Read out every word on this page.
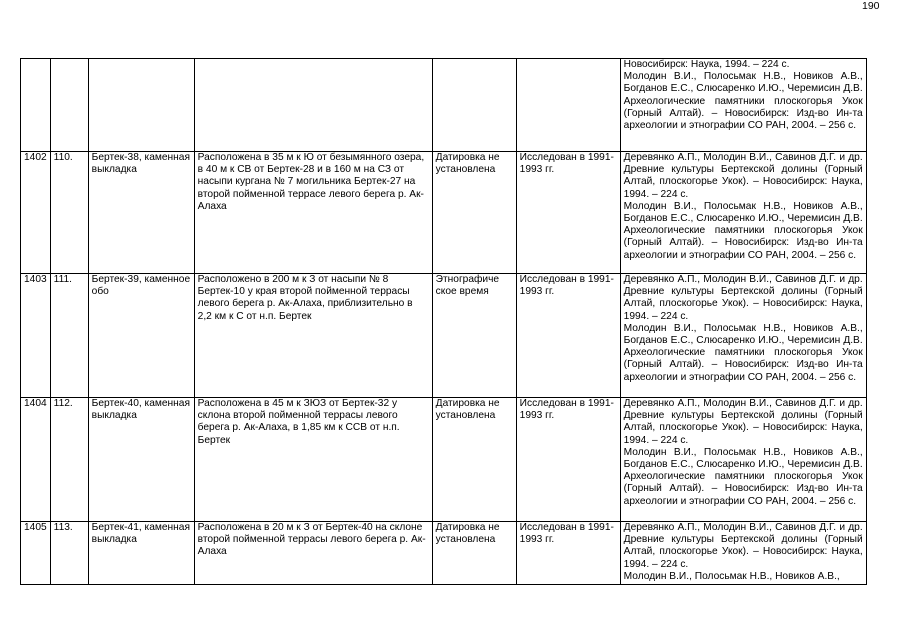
190

						Новосибирск: Наука, 1994. – 224 с.
Молодин В.И., Полосьмак Н.В., Новиков А.В., Богданов Е.С., Слюсаренко И.Ю., Черемисин Д.В. Археологические памятники плоскогорья Укок (Горный Алтай). – Новосибирск: Изд-во Ин-та археологии и этнографии СО РАН, 2004. – 256 с.

1402	110.	Бертек-38, каменная выкладка	Расположена в 35 м к Ю от безымянного озера, в 40 м к СВ от Бертек-28 и в 160 м на СЗ от насыпи кургана № 7 могильника Бертек-27 на второй пойменной террасе левого берега р. Ак-Алаха	Датировка не установлена	Исследован в 1991-1993 гг.	Деревянко А.П., Молодин В.И., Савинов Д.Г. и др. Древние культуры Бертекской долины (Горный Алтай, плоскогорье Укок). – Новосибирск: Наука, 1994. – 224 с.
Молодин В.И., Полосьмак Н.В., Новиков А.В., Богданов Е.С., Слюсаренко И.Ю., Черемисин Д.В. Археологические памятники плоскогорья Укок (Горный Алтай). – Новосибирск: Изд-во Ин-та археологии и этнографии СО РАН, 2004. – 256 с.

1403	111.	Бертек-39, каменное обо	Расположено в 200 м к З от насыпи № 8 Бертек-10 у края второй пойменной террасы левого берега р. Ак-Алаха, приблизительно в 2,2 км к С от н.п. Бертек	Этнографиче ское время	Исследован в 1991-1993 гг.	Деревянко А.П., Молодин В.И., Савинов Д.Г. и др. Древние культуры Бертекской долины (Горный Алтай, плоскогорье Укок). – Новосибирск: Наука, 1994. – 224 с.
Молодин В.И., Полосьмак Н.В., Новиков А.В., Богданов Е.С., Слюсаренко И.Ю., Черемисин Д.В. Археологические памятники плоскогорья Укок (Горный Алтай). – Новосибирск: Изд-во Ин-та археологии и этнографии СО РАН, 2004. – 256 с.

1404	112.	Бертек-40, каменная выкладка	Расположена в 45 м к ЗЮЗ от Бертек-32 у склона второй пойменной террасы левого берега р. Ак-Алаха, в 1,85 км к ССВ от н.п. Бертек	Датировка не установлена	Исследован в 1991-1993 гг.	Деревянко А.П., Молодин В.И., Савинов Д.Г. и др. Древние культуры Бертекской долины (Горный Алтай, плоскогорье Укок). – Новосибирск: Наука, 1994. – 224 с.
Молодин В.И., Полосьмак Н.В., Новиков А.В., Богданов Е.С., Слюсаренко И.Ю., Черемисин Д.В. Археологические памятники плоскогорья Укок (Горный Алтай). – Новосибирск: Изд-во Ин-та археологии и этнографии СО РАН, 2004. – 256 с.

1405	113.	Бертек-41, каменная выкладка	Расположена в 20 м к З от Бертек-40 на склоне второй пойменной террасы левого берега р. Ак-Алаха	Датировка не установлена	Исследован в 1991-1993 гг.	Деревянко А.П., Молодин В.И., Савинов Д.Г. и др. Древние культуры Бертекской долины (Горный Алтай, плоскогорье Укок). – Новосибирск: Наука, 1994. – 224 с.
Молодин В.И., Полосьмак Н.В., Новиков А.В.,
